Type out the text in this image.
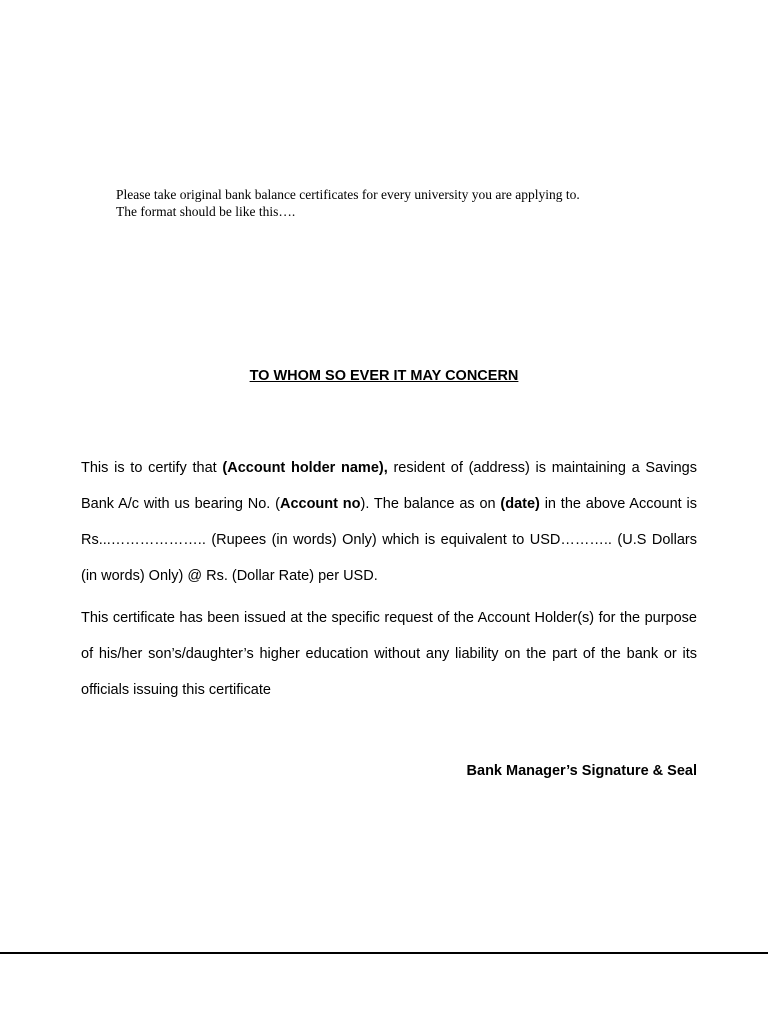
Please take original bank balance certificates for every university you are applying to.

The format should be like this….

TO WHOM SO EVER IT MAY CONCERN

This is to certify that (Account holder name), resident of (address) is maintaining a Savings Bank A/c with us bearing No. (Account no). The balance as on (date) in the above Account is Rs...……………….. (Rupees (in words) Only) which is equivalent to USD……….. (U.S Dollars (in words) Only) @ Rs. (Dollar Rate) per USD.

This certificate has been issued at the specific request of the Account Holder(s) for the purpose of his/her son’s/daughter’s higher education without any liability on the part of the bank or its officials issuing this certificate

Bank Manager’s Signature & Seal
